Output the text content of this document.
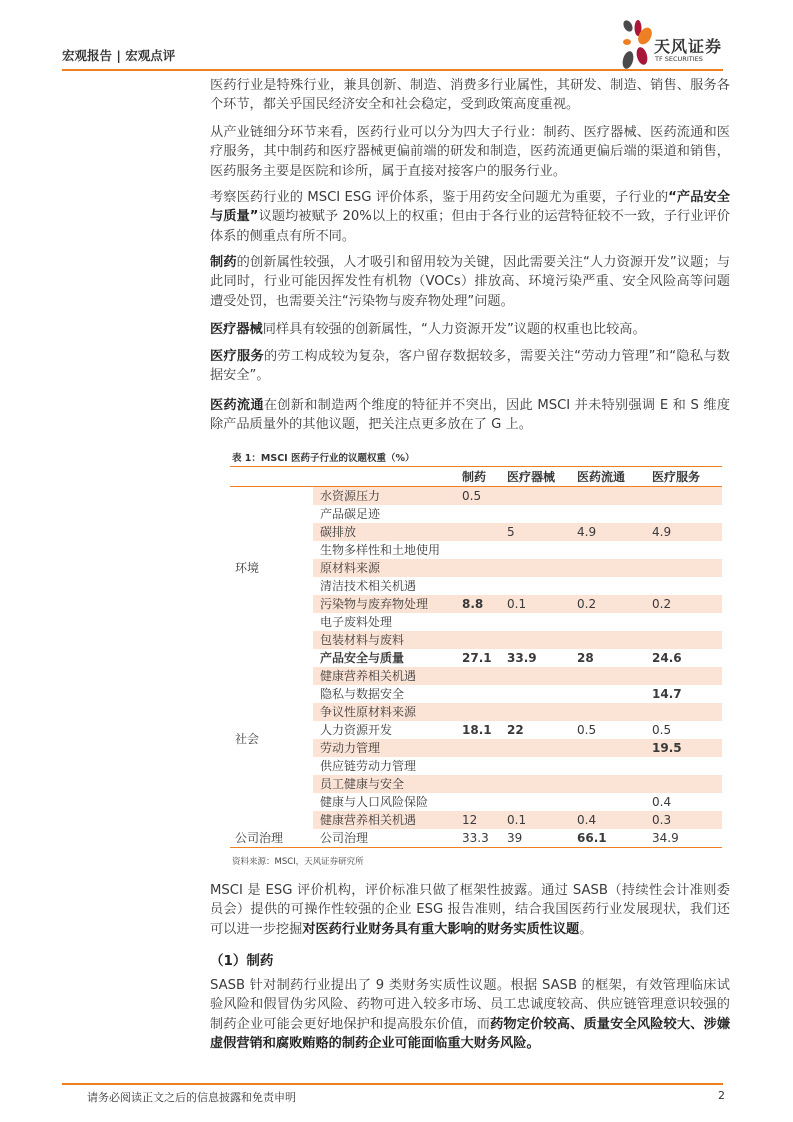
宏观报告 | 宏观点评	天风证券
TF SECURITIES
医药行业是特殊行业，兼具创新、制造、消费多行业属性，其研发、制造、销售、服务各个环节，都关乎国民经济安全和社会稳定，受到政策高度重视。
从产业链细分环节来看，医药行业可以分为四大子行业：制药、医疗器械、医药流通和医疗服务，其中制药和医疗器械更偏前端的研发和制造，医药流通更偏后端的渠道和销售，医药服务主要是医院和诊所，属于直接对接客户的服务行业。
考察医药行业的 MSCI ESG 评价体系，鉴于用药安全问题尤为重要，子行业的“产品安全与质量”议题均被赋予 20%以上的权重；但由于各行业的运营特征较不一致，子行业评价体系的侧重点有所不同。
制药的创新属性较强，人才吸引和留用较为关键，因此需要关注“人力资源开发”议题；与此同时，行业可能因挥发性有机物（VOCs）排放高、环境污染严重、安全风险高等问题遭受处罚，也需要关注“污染物与废弃物处理”问题。
医疗器械同样具有较强的创新属性，“人力资源开发”议题的权重也比较高。
医疗服务的劳工构成较为复杂，客户留存数据较多，需要关注“劳动力管理”和“隐私与数据安全”。
医药流通在创新和制造两个维度的特征并不突出，因此 MSCI 并未特别强调 E 和 S 维度除产品质量外的其他议题，把关注点更多放在了 G 上。
表 1：MSCI 医药子行业的议题权重（%）
		制药	医疗器械	医药流通	医疗服务
环境	水资源压力	0.5			
	产品碳足迹				
	碳排放		5	4.9	4.9
	生物多样性和土地使用				
	原材料来源				
	清洁技术相关机遇				
	污染物与废弃物处理	8.8	0.1	0.2	0.2
	电子废料处理				
	包装材料与废料				
社会	产品安全与质量	27.1	33.9	28	24.6
	健康营养相关机遇				
	隐私与数据安全				14.7
	争议性原材料来源				
	人力资源开发	18.1	22	0.5	0.5
	劳动力管理				19.5
	供应链劳动力管理				
	员工健康与安全				
	健康与人口风险保险				0.4
	健康营养相关机遇	12	0.1	0.4	0.3
公司治理	公司治理	33.3	39	66.1	34.9
资料来源：MSCI，天风证券研究所
MSCI 是 ESG 评价机构，评价标准只做了框架性披露。通过 SASB（持续性会计准则委员会）提供的可操作性较强的企业 ESG 报告准则，结合我国医药行业发展现状，我们还可以进一步挖掘对医药行业财务具有重大影响的财务实质性议题。
（1）制药
SASB 针对制药行业提出了 9 类财务实质性议题。根据 SASB 的框架，有效管理临床试验风险和假冒伪劣风险、药物可进入较多市场、员工忠诚度较高、供应链管理意识较强的制药企业可能会更好地保护和提高股东价值，而药物定价较高、质量安全风险较大、涉嫌虚假营销和腐败贿赂的制药企业可能面临重大财务风险。
请务必阅读正文之后的信息披露和免责申明	2
